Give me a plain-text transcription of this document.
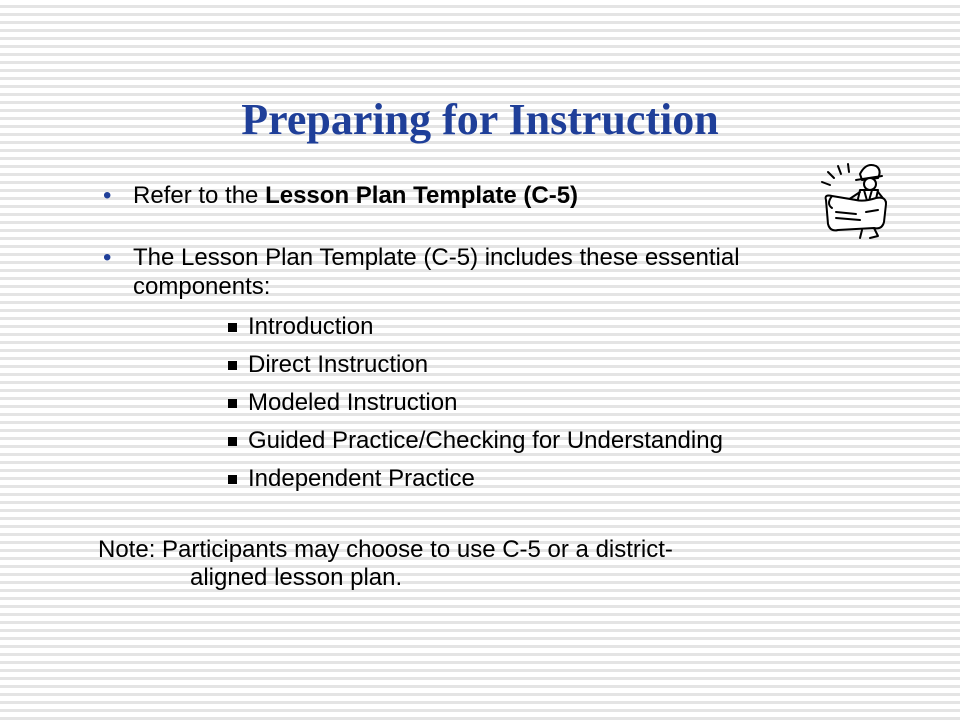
Preparing for Instruction
• Refer to the Lesson Plan Template (C-5)
• The Lesson Plan Template (C-5) includes these essential components:
Introduction
Direct Instruction
Modeled Instruction
Guided Practice/Checking for Understanding
Independent Practice
Note: Participants may choose to use C-5 or a district-
aligned lesson plan.
